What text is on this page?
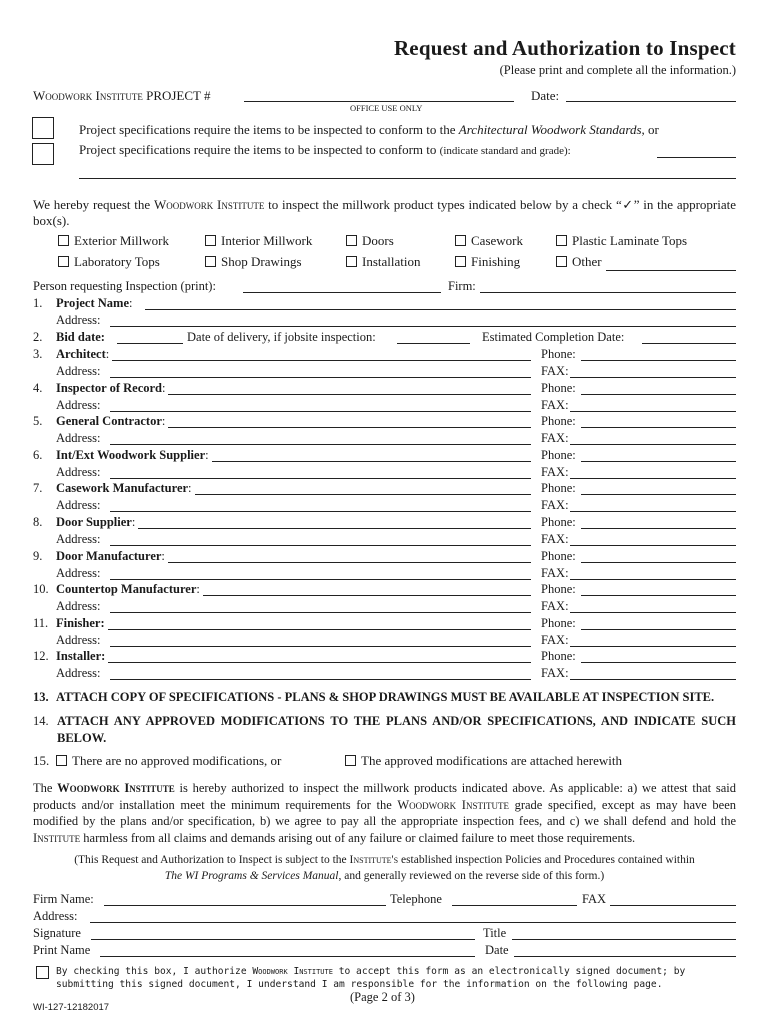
Request and Authorization to Inspect
(Please print and complete all the information.)
Woodwork Institute PROJECT #	Date:
OFFICE USE ONLY
Project specifications require the items to be inspected to conform to the Architectural Woodwork Standards, or
Project specifications require the items to be inspected to conform to (indicate standard and grade):
We hereby request the Woodwork Institute to inspect the millwork product types indicated below by a check “✓” in the appropriate box(s).
Exterior Millwork	Interior Millwork	Doors	Casework	Plastic Laminate Tops
Laboratory Tops	Shop Drawings	Installation	Finishing	Other
Person requesting Inspection (print):	Firm:
1.	Project Name:
Address:
2.	Bid date:	Date of delivery, if jobsite inspection:	Estimated Completion Date:
3.	Architect:	Phone:
Address:	FAX:
4.	Inspector of Record:	Phone:
Address:	FAX:
5.	General Contractor:	Phone:
Address:	FAX:
6.	Int/Ext Woodwork Supplier:	Phone:
Address:	FAX:
7.	Casework Manufacturer:	Phone:
Address:	FAX:
8.	Door Supplier:	Phone:
Address:	FAX:
9.	Door Manufacturer:	Phone:
Address:	FAX:
10. Countertop Manufacturer:	Phone:
Address:	FAX:
11. Finisher:	Phone:
Address:	FAX:
12. Installer:	Phone:
Address:	FAX:
13. ATTACH COPY OF SPECIFICATIONS - PLANS & SHOP DRAWINGS MUST BE AVAILABLE AT INSPECTION SITE.
14. ATTACH ANY APPROVED MODIFICATIONS TO THE PLANS AND/OR SPECIFICATIONS, AND INDICATE SUCH BELOW.
15.	There are no approved modifications, or	The approved modifications are attached herewith
The Woodwork Institute is hereby authorized to inspect the millwork products indicated above. As applicable: a) we attest that said products and/or installation meet the minimum requirements for the Woodwork Institute grade specified, except as may have been modified by the plans and/or specification, b) we agree to pay all the appropriate inspection fees, and c) we shall defend and hold the Institute harmless from all claims and demands arising out of any failure or claimed failure to meet those requirements.
(This Request and Authorization to Inspect is subject to the Institute's established inspection Policies and Procedures contained within
The WI Programs & Services Manual, and generally reviewed on the reverse side of this form.)
Firm Name:	Telephone	FAX
Address:
Signature	Title
Print Name	Date
By checking this box, I authorize Woodwork Institute to accept this form as an electronically signed document; by submitting this signed document, I understand I am responsible for the information on the following page.
WI-127-12182017
(Page 2 of 3)
